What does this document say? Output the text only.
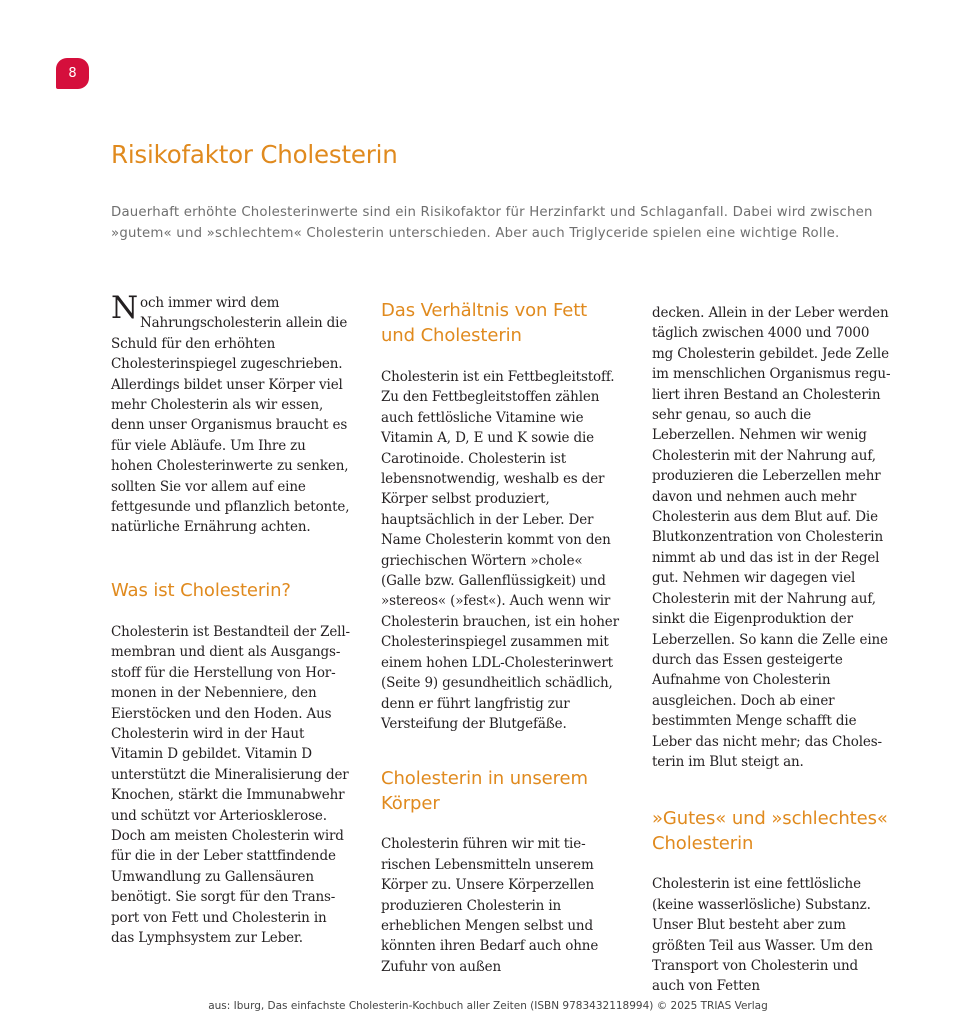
8
Risikofaktor Cholesterin

Dauerhaft erhöhte Cholesterinwerte sind ein Risikofaktor für Herzinfarkt und Schlaganfall. Dabei wird zwischen »gutem« und »schlechtem« Cholesterin unterschieden. Aber auch Triglyceride spielen eine wichtige Rolle.

Noch immer wird dem Nahrungscholesterin allein die Schuld für den erhöhten Cholesterinspiegel zugeschrieben. Allerdings bildet unser Körper viel mehr Cholesterin als wir essen, denn unser Organismus braucht es für viele Abläufe. Um Ihre zu hohen Cholesterinwerte zu senken, sollten Sie vor allem auf eine fettgesunde und pflanzlich betonte, natürliche Ernährung achten.

Was ist Cholesterin?

Cholesterin ist Bestandteil der Zellmembran und dient als Ausgangsstoff für die Herstellung von Hormonen in der Nebenniere, den Eierstöcken und den Hoden. Aus Cholesterin wird in der Haut Vitamin D gebildet. Vitamin D unterstützt die Mineralisierung der Knochen, stärkt die Immunabwehr und schützt vor Arteriosklerose. Doch am meisten Cholesterin wird für die in der Leber stattfindende Umwandlung zu Gallensäuren benötigt. Sie sorgt für den Transport von Fett und Cholesterin in das Lymphsystem zur Leber.

Das Verhältnis von Fett und Cholesterin

Cholesterin ist ein Fettbegleitstoff. Zu den Fettbegleitstoffen zählen auch fettlösliche Vitamine wie Vitamin A, D, E und K sowie die Carotinoide. Cholesterin ist lebensnotwendig, weshalb es der Körper selbst produziert, hauptsächlich in der Leber. Der Name Cholesterin kommt von den griechischen Wörtern »chole« (Galle bzw. Gallenflüssigkeit) und »stereos« (»fest«). Auch wenn wir Cholesterin brauchen, ist ein hoher Cholesterinspiegel zusammen mit einem hohen LDL-Cholesterinwert (Seite 9) gesundheitlich schädlich, denn er führt langfristig zur Versteifung der Blutgefäße.

Cholesterin in unserem Körper

Cholesterin führen wir mit tierischen Lebensmitteln unserem Körper zu. Unsere Körperzellen produzieren Cholesterin in erheblichen Mengen selbst und könnten ihren Bedarf auch ohne Zufuhr von außen

decken. Allein in der Leber werden täglich zwischen 4000 und 7000 mg Cholesterin gebildet. Jede Zelle im menschlichen Organismus reguliert ihren Bestand an Cholesterin sehr genau, so auch die Leberzellen. Nehmen wir wenig Cholesterin mit der Nahrung auf, produzieren die Leberzellen mehr davon und nehmen auch mehr Cholesterin aus dem Blut auf. Die Blutkonzentration von Cholesterin nimmt ab und das ist in der Regel gut. Nehmen wir dagegen viel Cholesterin mit der Nahrung auf, sinkt die Eigenproduktion der Leberzellen. So kann die Zelle eine durch das Essen gesteigerte Aufnahme von Cholesterin ausgleichen. Doch ab einer bestimmten Menge schafft die Leber das nicht mehr; das Cholesterin im Blut steigt an.

»Gutes« und »schlechtes« Cholesterin

Cholesterin ist eine fettlösliche (keine wasserlösliche) Substanz. Unser Blut besteht aber zum größten Teil aus Wasser. Um den Transport von Cholesterin und auch von Fetten

aus: Iburg, Das einfachste Cholesterin-Kochbuch aller Zeiten (ISBN 9783432118994) © 2025 TRIAS Verlag
